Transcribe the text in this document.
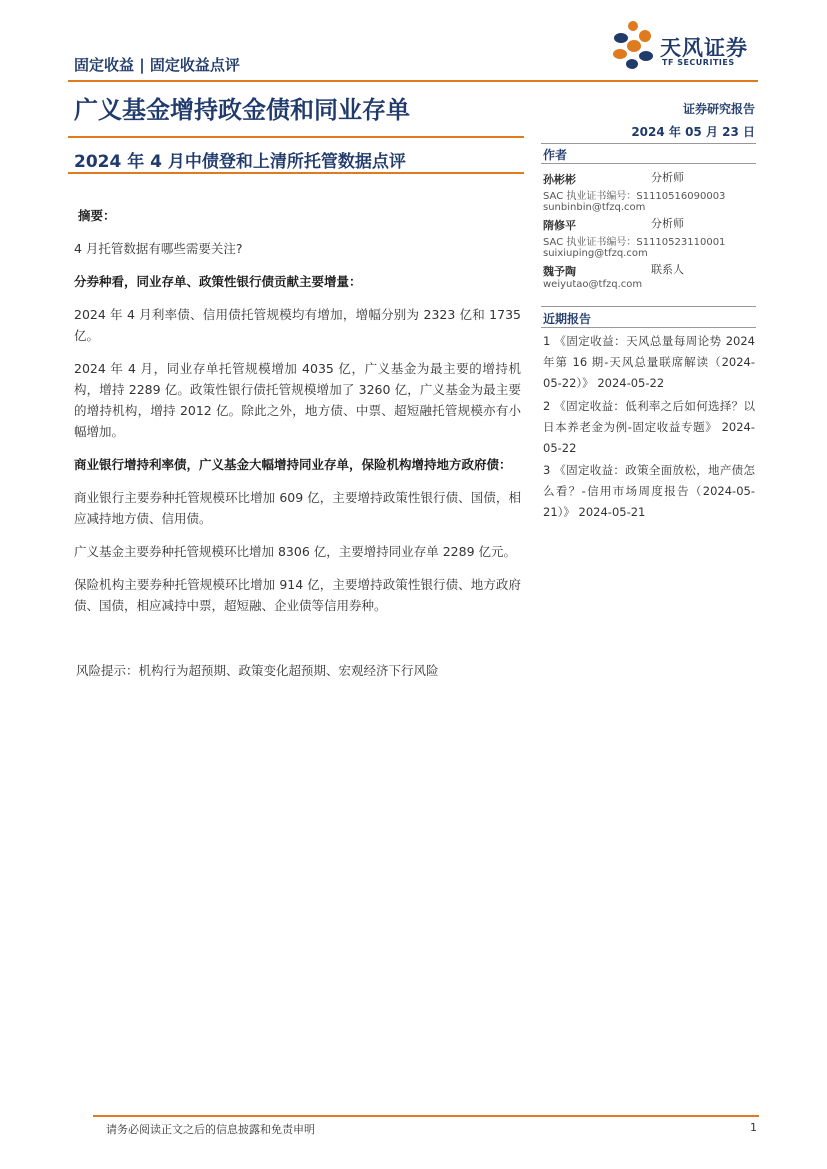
固定收益 | 固定收益点评
天风证券
TF SECURITIES
广义基金增持政金债和同业存单	证券研究报告
2024 年 05 月 23 日
2024 年 4 月中债登和上清所托管数据点评	作者
孙彬彬	分析师
SAC 执业证书编号：S1110516090003
sunbinbin@tfzq.com
隋修平	分析师
SAC 执业证书编号：S1110523110001
suixiuping@tfzq.com
魏予陶	联系人
weiyutao@tfzq.com
近期报告
1 《固定收益：天风总量每周论势 2024 年第 16 期-天风总量联席解读（2024-05-22）》 2024-05-22
2 《固定收益：低利率之后如何选择？以日本养老金为例-固定收益专题》 2024-05-22
3 《固定收益：政策全面放松，地产债怎么看？-信用市场周度报告（2024-05-21）》 2024-05-21

摘要：

4 月托管数据有哪些需要关注?

分券种看，同业存单、政策性银行债贡献主要增量：

2024 年 4 月利率债、信用债托管规模均有增加，增幅分别为 2323 亿和 1735 亿。

2024 年 4 月，同业存单托管规模增加 4035 亿，广义基金为最主要的增持机构，增持 2289 亿。政策性银行债托管规模增加了 3260 亿，广义基金为最主要的增持机构，增持 2012 亿。除此之外，地方债、中票、超短融托管规模亦有小幅增加。

商业银行增持利率债，广义基金大幅增持同业存单，保险机构增持地方政府债：

商业银行主要券种托管规模环比增加 609 亿，主要增持政策性银行债、国债，相应减持地方债、信用债。

广义基金主要券种托管规模环比增加 8306 亿，主要增持同业存单 2289 亿元。

保险机构主要券种托管规模环比增加 914 亿，主要增持政策性银行债、地方政府债、国债，相应减持中票，超短融、企业债等信用券种。

风险提示：机构行为超预期、政策变化超预期、宏观经济下行风险
请务必阅读正文之后的信息披露和免责申明	1
